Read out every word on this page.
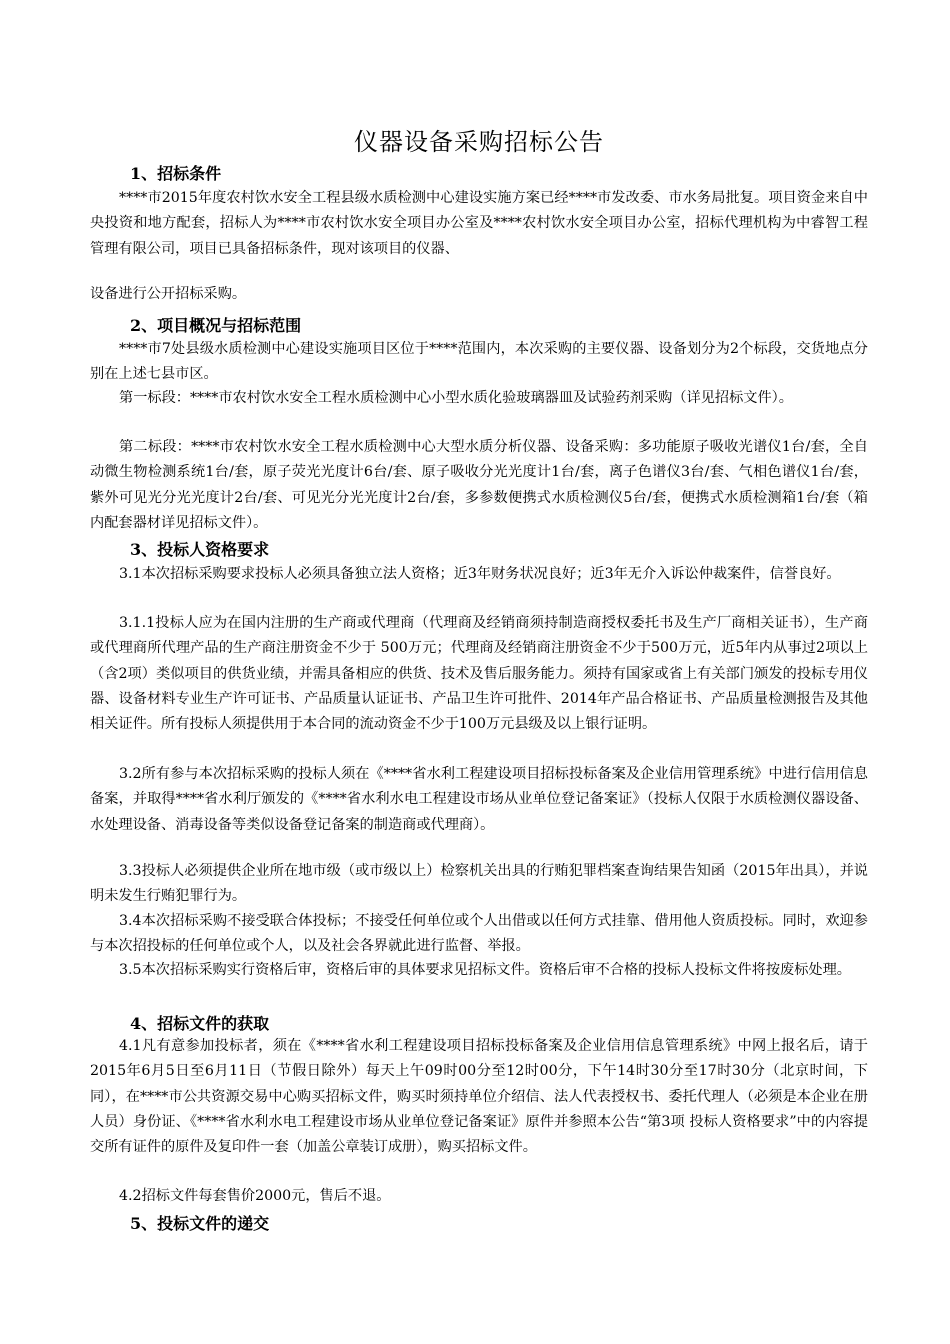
仪器设备采购招标公告
1、招标条件
****市2015年度农村饮水安全工程县级水质检测中心建设实施方案已经****市发改委、市水务局批复。项目资金来自中央投资和地方配套，招标人为****市农村饮水安全项目办公室及****农村饮水安全项目办公室，招标代理机构为中睿智工程管理有限公司，项目已具备招标条件，现对该项目的仪器、
设备进行公开招标采购。
2、项目概况与招标范围
****市7处县级水质检测中心建设实施项目区位于****范围内，本次采购的主要仪器、设备划分为2个标段，交货地点分别在上述七县市区。
第一标段：****市农村饮水安全工程水质检测中心小型水质化验玻璃器皿及试验药剂采购（详见招标文件）。
第二标段：****市农村饮水安全工程水质检测中心大型水质分析仪器、设备采购：多功能原子吸收光谱仪1台/套，全自动微生物检测系统1台/套，原子荧光光度计6台/套、原子吸收分光光度计1台/套，离子色谱仪3台/套、气相色谱仪1台/套，紫外可见光分光光度计2台/套、可见光分光光度计2台/套，多参数便携式水质检测仪5台/套，便携式水质检测箱1台/套（箱内配套器材详见招标文件）。
3、投标人资格要求
3.1本次招标采购要求投标人必须具备独立法人资格；近3年财务状况良好；近3年无介入诉讼仲裁案件，信誉良好。
3.1.1投标人应为在国内注册的生产商或代理商（代理商及经销商须持制造商授权委托书及生产厂商相关证书），生产商或代理商所代理产品的生产商注册资金不少于 500万元；代理商及经销商注册资金不少于500万元，近5年内从事过2项以上（含2项）类似项目的供货业绩，并需具备相应的供货、技术及售后服务能力。须持有国家或省上有关部门颁发的投标专用仪器、设备材料专业生产许可证书、产品质量认证证书、产品卫生许可批件、2014年产品合格证书、产品质量检测报告及其他相关证件。所有投标人须提供用于本合同的流动资金不少于100万元县级及以上银行证明。
3.2所有参与本次招标采购的投标人须在《****省水利工程建设项目招标投标备案及企业信用管理系统》中进行信用信息备案，并取得****省水利厅颁发的《****省水利水电工程建设市场从业单位登记备案证》（投标人仅限于水质检测仪器设备、水处理设备、消毒设备等类似设备登记备案的制造商或代理商）。
3.3投标人必须提供企业所在地市级（或市级以上）检察机关出具的行贿犯罪档案查询结果告知函（2015年出具），并说明未发生行贿犯罪行为。
3.4本次招标采购不接受联合体投标；不接受任何单位或个人出借或以任何方式挂靠、借用他人资质投标。同时，欢迎参与本次招投标的任何单位或个人，以及社会各界就此进行监督、举报。
3.5本次招标采购实行资格后审，资格后审的具体要求见招标文件。资格后审不合格的投标人投标文件将按废标处理。
4、招标文件的获取
4.1凡有意参加投标者，须在《****省水利工程建设项目招标投标备案及企业信用信息管理系统》中网上报名后，请于2015年6月5日至6月11日（节假日除外）每天上午09时00分至12时00分，下午14时30分至17时30分（北京时间，下同），在****市公共资源交易中心购买招标文件，购买时须持单位介绍信、法人代表授权书、委托代理人（必须是本企业在册人员）身份证、《****省水利水电工程建设市场从业单位登记备案证》原件并参照本公告“第3项 投标人资格要求”中的内容提交所有证件的原件及复印件一套（加盖公章装订成册），购买招标文件。
4.2招标文件每套售价2000元，售后不退。
5、投标文件的递交
